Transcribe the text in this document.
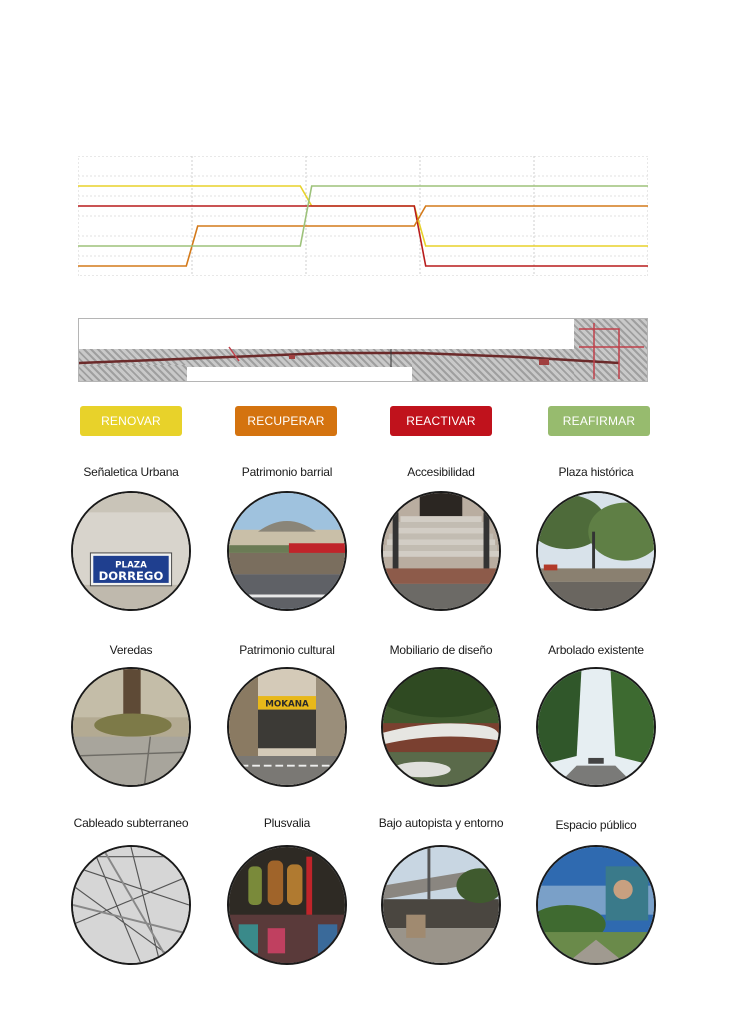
RENOVAR	RECUPERAR	REACTIVAR	REAFIRMAR
Señaletica Urbana	Patrimonio barrial	Accesibilidad	Plaza histórica
PLAZA
DORREGO
Veredas	Patrimonio cultural	Mobiliario de diseño	Arbolado existente
MOKANA
Cableado subterraneo	Plusvalia	Bajo autopista y entorno	Espacio público
